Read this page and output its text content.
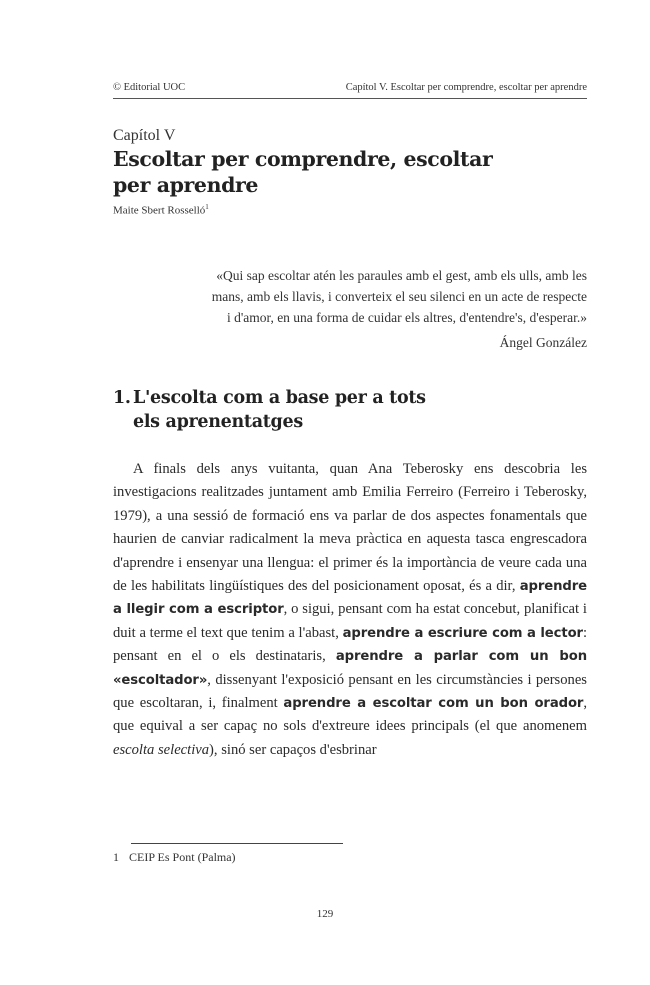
© Editorial UOC	Capítol V. Escoltar per comprendre, escoltar per aprendre
Capítol V
Escoltar per comprendre, escoltar
per aprendre
Maite Sbert Rosselló$^1$
«Qui sap escoltar atén les paraules amb el gest, amb els ulls, amb les
mans, amb els llavis, i converteix el seu silenci en un acte de respecte
i d'amor, en una forma de cuidar els altres, d'entendre's, d'esperar.»
Ángel González
1. L'escolta com a base per a tots
els aprenentatges

A finals dels anys vuitanta, quan Ana Teberosky ens descobria les investigacions realitzades juntament amb Emilia Ferreiro (Ferreiro i Teberosky, 1979), a una sessió de formació ens va parlar de dos aspectes fonamentals que haurien de canviar radicalment la meva pràctica en aquesta tasca engrescadora d'aprendre i ensenyar una llengua: el primer és la importància de veure cada una de les habilitats lingüístiques des del posicionament oposat, és a dir, aprendre a llegir com a escriptor, o sigui, pensant com ha estat concebut, planificat i duit a terme el text que tenim a l'abast, aprendre a escriure com a lector: pensant en el o els destinataris, aprendre a parlar com un bon «escoltador», dissenyant l'exposició pensant en les circumstàncies i persones que escoltaran, i, finalment aprendre a escoltar com un bon orador, que equival a ser capaç no sols d'extreure idees principals (el que anomenem escolta selectiva), sinó ser capaços d'esbrinar

1 CEIP Es Pont (Palma)
129
